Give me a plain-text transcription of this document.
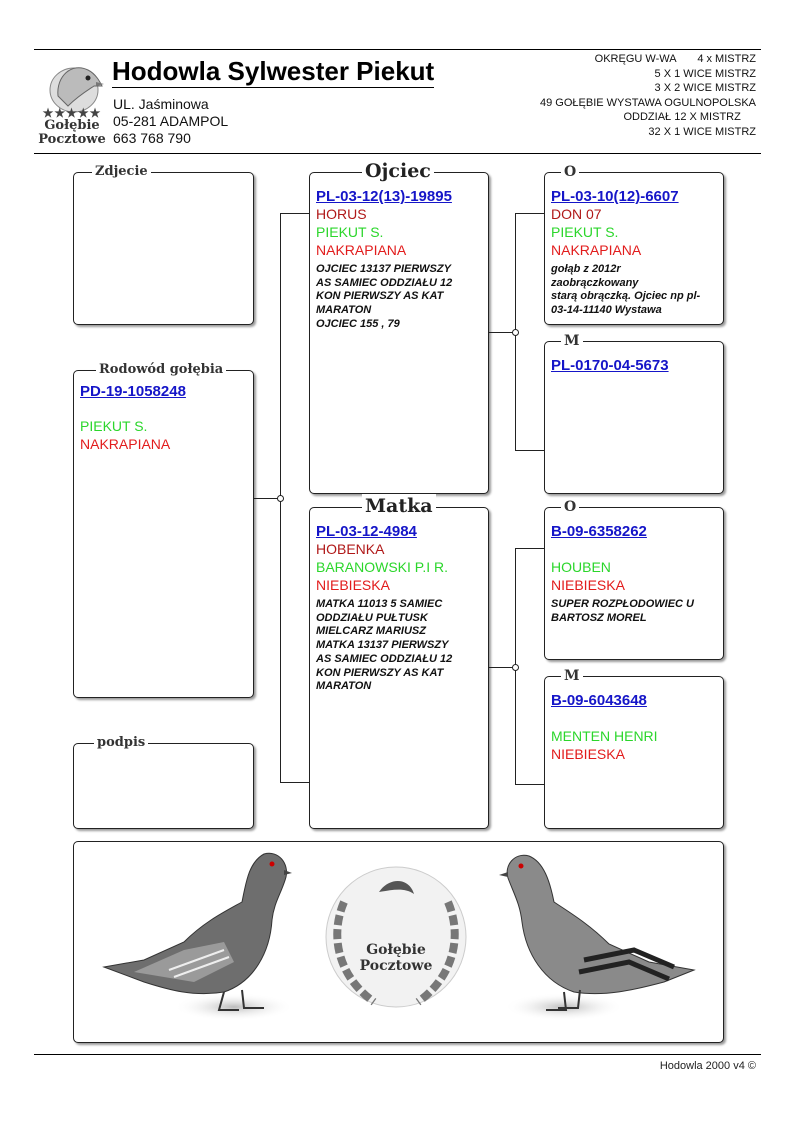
★★★★★
Gołębie
Pocztowe
Hodowla Sylwester Piekut
UL. Jaśminowa
05-281 ADAMPOL
663 768 790
OKRĘGU W-WA       4 x MISTRZ
5 X 1 WICE MISTRZ
3 X 2 WICE MISTRZ
49 GOŁĘBIE WYSTAWA OGULNOPOLSKA
ODDZIAŁ 12 X MISTRZ
32 X 1 WICE MISTRZ
Zdjecie
Rodowód gołębia
PD-19-1058248
PIEKUT S.
NAKRAPIANA
podpis
Ojciec
PL-03-12(13)-19895
HORUS
PIEKUT S.
NAKRAPIANA
OJCIEC 13137 PIERWSZY
AS SAMIEC ODDZIAŁU 12
KON PIERWSZY AS KAT
MARATON
OJCIEC 155 , 79
Matka
PL-03-12-4984
HOBENKA
BARANOWSKI P.I R.
NIEBIESKA
MATKA 11013 5 SAMIEC
ODDZIAŁU PUŁTUSK
MIELCARZ MARIUSZ
MATKA 13137 PIERWSZY
AS SAMIEC ODDZIAŁU 12
KON PIERWSZY AS KAT
MARATON
O
PL-03-10(12)-6607
DON 07
PIEKUT S.
NAKRAPIANA
gołąb z 2012r
zaobrączkowany
starą obrączką. Ojciec np pl-
03-14-11140 Wystawa
M
PL-0170-04-5673
O
B-09-6358262
HOUBEN
NIEBIESKA
SUPER ROZPŁODOWIEC U
BARTOSZ MOREL
M
B-09-6043648
MENTEN HENRI
NIEBIESKA
Gołębie
Pocztowe
Hodowla 2000 v4 ©
